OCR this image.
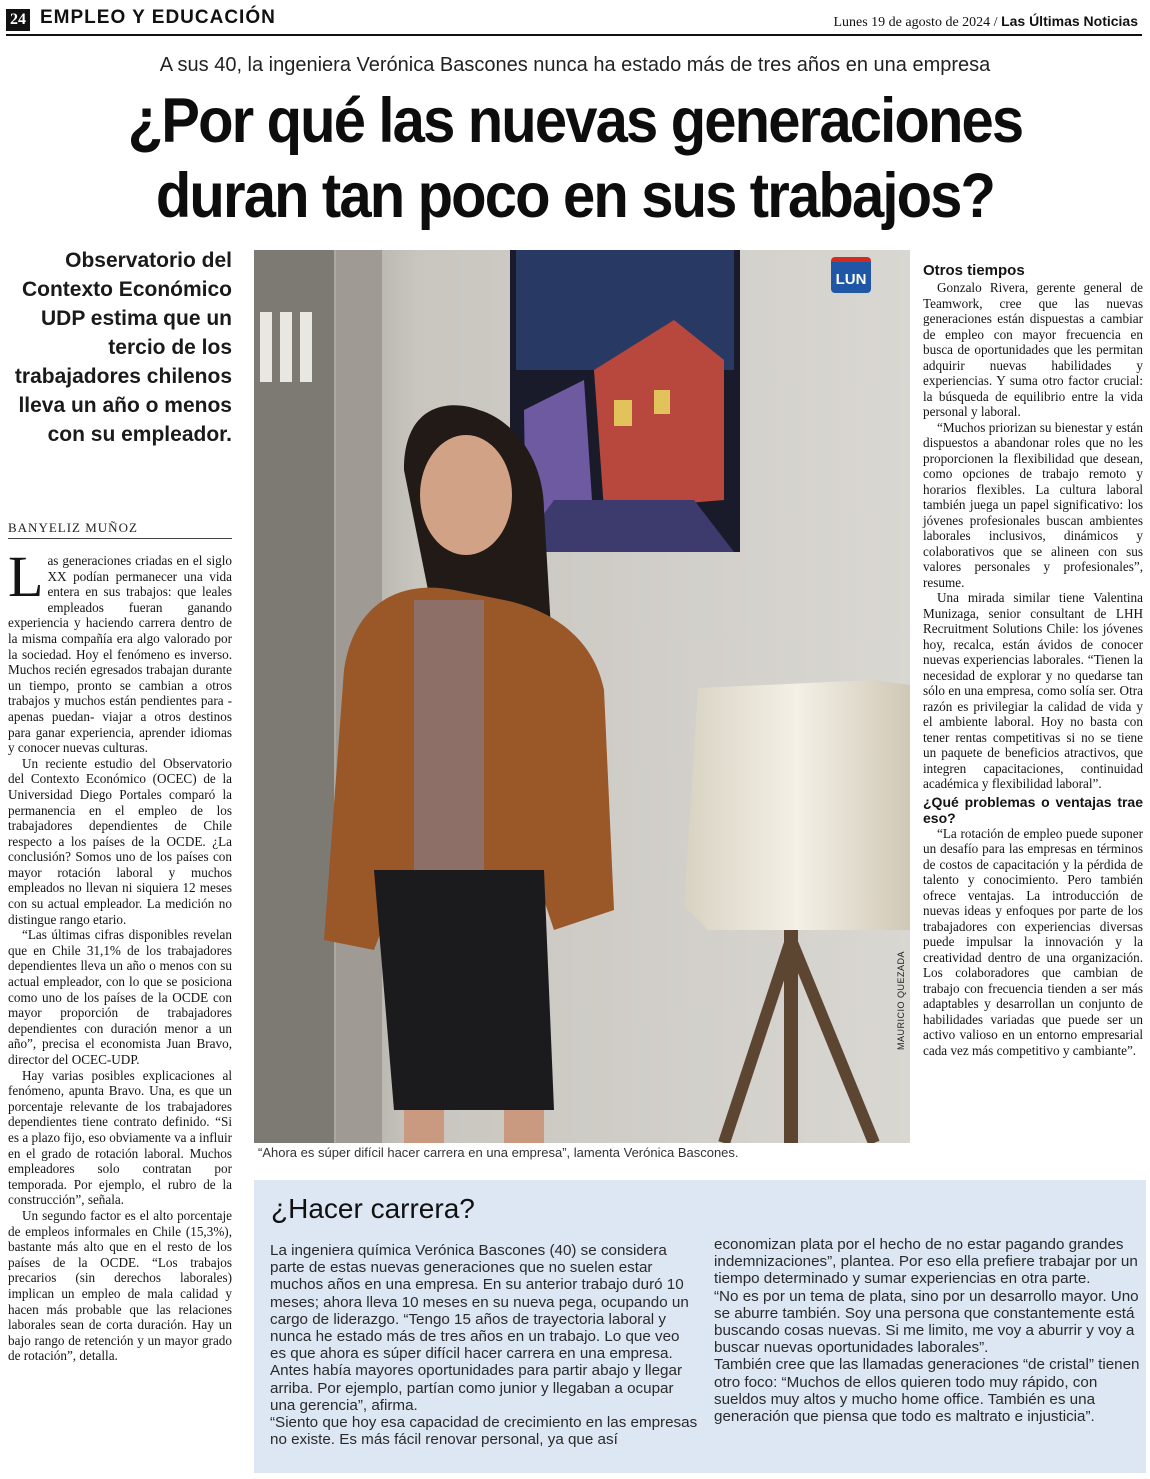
24 EMPLEO Y EDUCACIÓN	Lunes 19 de agosto de 2024 / Las Últimas Noticias
A sus 40, la ingeniera Verónica Bascones nunca ha estado más de tres años en una empresa
¿Por qué las nuevas generaciones
duran tan poco en sus trabajos?
Observatorio del Contexto Económico UDP estima que un tercio de los trabajadores chilenos lleva un año o menos con su empleador.
BANYELIZ MUÑOZ

Las generaciones criadas en el siglo XX podían permanecer una vida entera en sus trabajos: que leales empleados fueran ganando experiencia y haciendo carrera dentro de la misma compañía era algo valorado por la sociedad. Hoy el fenómeno es inverso. Muchos recién egresados trabajan durante un tiempo, pronto se cambian a otros trabajos y muchos están pendientes para -apenas puedan- viajar a otros destinos para ganar experiencia, aprender idiomas y conocer nuevas culturas.

Un reciente estudio del Observatorio del Contexto Económico (OCEC) de la Universidad Diego Portales comparó la permanencia en el empleo de los trabajadores dependientes de Chile respecto a los países de la OCDE. ¿La conclusión? Somos uno de los países con mayor rotación laboral y muchos empleados no llevan ni siquiera 12 meses con su actual empleador. La medición no distingue rango etario.

“Las últimas cifras disponibles revelan que en Chile 31,1% de los trabajadores dependientes lleva un año o menos con su actual empleador, con lo que se posiciona como uno de los países de la OCDE con mayor proporción de trabajadores dependientes con duración menor a un año”, precisa el economista Juan Bravo, director del OCEC-UDP.

Hay varias posibles explicaciones al fenómeno, apunta Bravo. Una, es que un porcentaje relevante de los trabajadores dependientes tiene contrato definido. “Si es a plazo fijo, eso obviamente va a influir en el grado de rotación laboral. Muchos empleadores solo contratan por temporada. Por ejemplo, el rubro de la construcción”, señala.

Un segundo factor es el alto porcentaje de empleos informales en Chile (15,3%), bastante más alto que en el resto de los países de la OCDE. “Los trabajos precarios (sin derechos laborales) implican un empleo de mala calidad y hacen más probable que las relaciones laborales sean de corta duración. Hay un bajo rango de retención y un mayor grado de rotación”, detalla.

LUN
MAURICIO QUEZADA
“Ahora es súper difícil hacer carrera en una empresa”, lamenta Verónica Bascones.
Otros tiempos

Gonzalo Rivera, gerente general de Teamwork, cree que las nuevas generaciones están dispuestas a cambiar de empleo con mayor frecuencia en busca de oportunidades que les permitan adquirir nuevas habilidades y experiencias. Y suma otro factor crucial: la búsqueda de equilibrio entre la vida personal y laboral.

“Muchos priorizan su bienestar y están dispuestos a abandonar roles que no les proporcionen la flexibilidad que desean, como opciones de trabajo remoto y horarios flexibles. La cultura laboral también juega un papel significativo: los jóvenes profesionales buscan ambientes laborales inclusivos, dinámicos y colaborativos que se alineen con sus valores personales y profesionales”, resume.

Una mirada similar tiene Valentina Munizaga, senior consultant de LHH Recruitment Solutions Chile: los jóvenes hoy, recalca, están ávidos de conocer nuevas experiencias laborales. “Tienen la necesidad de explorar y no quedarse tan sólo en una empresa, como solía ser. Otra razón es privilegiar la calidad de vida y el ambiente laboral. Hoy no basta con tener rentas competitivas si no se tiene un paquete de beneficios atractivos, que integren capacitaciones, continuidad académica y flexibilidad laboral”.

¿Qué problemas o ventajas trae eso?

“La rotación de empleo puede suponer un desafío para las empresas en términos de costos de capacitación y la pérdida de talento y conocimiento. Pero también ofrece ventajas. La introducción de nuevas ideas y enfoques por parte de los trabajadores con experiencias diversas puede impulsar la innovación y la creatividad dentro de una organización. Los colaboradores que cambian de trabajo con frecuencia tienden a ser más adaptables y desarrollan un conjunto de habilidades variadas que puede ser un activo valioso en un entorno empresarial cada vez más competitivo y cambiante”.

¿Hacer carrera?
La ingeniera química Verónica Bascones (40) se considera parte de estas nuevas generaciones que no suelen estar muchos años en una empresa. En su anterior trabajo duró 10 meses; ahora lleva 10 meses en su nueva pega, ocupando un cargo de liderazgo. “Tengo 15 años de trayectoria laboral y nunca he estado más de tres años en un trabajo. Lo que veo es que ahora es súper difícil hacer carrera en una empresa. Antes había mayores oportunidades para partir abajo y llegar arriba. Por ejemplo, partían como junior y llegaban a ocupar una gerencia”, afirma.
“Siento que hoy esa capacidad de crecimiento en las empresas no existe. Es más fácil renovar personal, ya que así
economizan plata por el hecho de no estar pagando grandes indemnizaciones”, plantea. Por eso ella prefiere trabajar por un tiempo determinado y sumar experiencias en otra parte.
“No es por un tema de plata, sino por un desarrollo mayor. Uno se aburre también. Soy una persona que constantemente está buscando cosas nuevas. Si me limito, me voy a aburrir y voy a buscar nuevas oportunidades laborales”.
También cree que las llamadas generaciones “de cristal” tienen otro foco: “Muchos de ellos quieren todo muy rápido, con sueldos muy altos y mucho home office. También es una generación que piensa que todo es maltrato e injusticia”.
